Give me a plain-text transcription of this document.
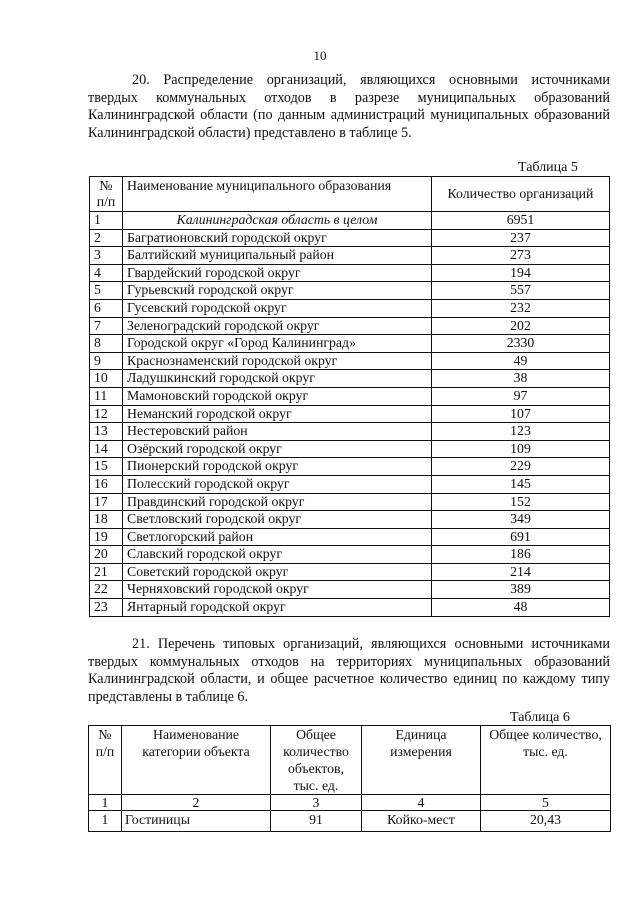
10

20. Распределение организаций, являющихся основными источниками твердых коммунальных отходов в разрезе муниципальных образований Калининградской области (по данным администраций муниципальных образований Калининградской области) представлено в таблице 5.

Таблица 5
№ п/п	Наименование муниципального образования	Количество организаций
1	Калининградская область в целом	6951
2	Багратионовский городской округ	237
3	Балтийский муниципальный район	273
4	Гвардейский городской округ	194
5	Гурьевский городской округ	557
6	Гусевский городской округ	232
7	Зеленоградский городской округ	202
8	Городской округ «Город Калининград»	2330
9	Краснознаменский городской округ	49
10	Ладушкинский городской округ	38
11	Мамоновский городской округ	97
12	Неманский городской округ	107
13	Нестеровский район	123
14	Озёрский городской округ	109
15	Пионерский городской округ	229
16	Полесский городской округ	145
17	Правдинский городской округ	152
18	Светловский городской округ	349
19	Светлогорский район	691
20	Славский городской округ	186
21	Советский городской округ	214
22	Черняховский городской округ	389
23	Янтарный городской округ	48

21. Перечень типовых организаций, являющихся основными источниками твердых коммунальных отходов на территориях муниципальных образований Калининградской области, и общее расчетное количество единиц по каждому типу представлены в таблице 6.

Таблица 6
№ п/п	Наименование категории объекта	Общее количество объектов, тыс. ед.	Единица измерения	Общее количество, тыс. ед.
1	2	3	4	5
1	Гостиницы	91	Койко-мест	20,43
